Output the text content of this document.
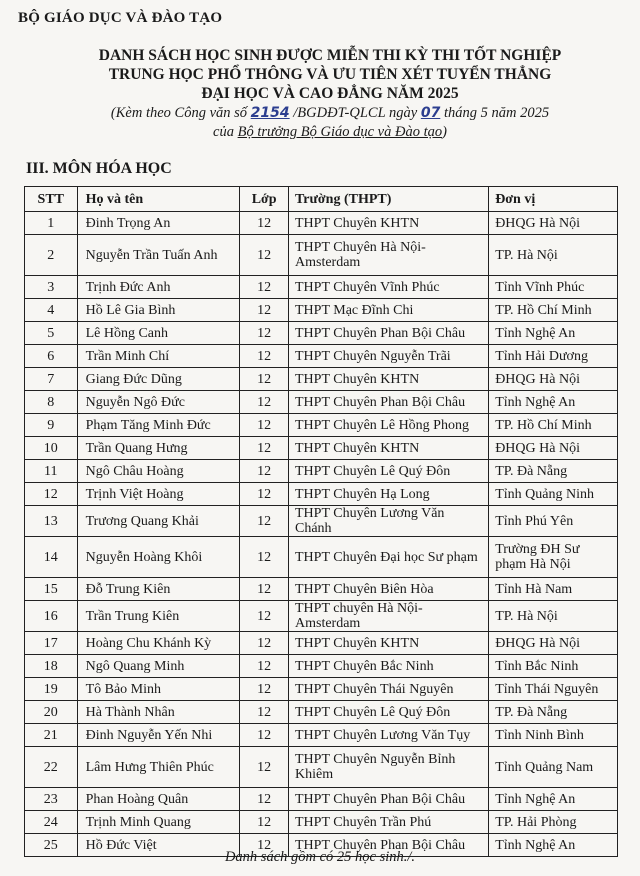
BỘ GIÁO DỤC VÀ ĐÀO TẠO
DANH SÁCH HỌC SINH ĐƯỢC MIỄN THI KỲ THI TỐT NGHIỆP
TRUNG HỌC PHỔ THÔNG VÀ ƯU TIÊN XÉT TUYỂN THẲNG
ĐẠI HỌC VÀ CAO ĐẲNG NĂM 2025
(Kèm theo Công văn số 2154 /BGDĐT-QLCL ngày 07 tháng 5 năm 2025
của Bộ trưởng Bộ Giáo dục và Đào tạo)
III. MÔN HÓA HỌC
STT	Họ và tên	Lớp	Trường (THPT)	Đơn vị
1	Đinh Trọng An	12	THPT Chuyên KHTN	ĐHQG Hà Nội
2	Nguyễn Trần Tuấn Anh	12	THPT Chuyên Hà Nội-Amsterdam	TP. Hà Nội
3	Trịnh Đức Anh	12	THPT Chuyên Vĩnh Phúc	Tỉnh Vĩnh Phúc
4	Hồ Lê Gia Bình	12	THPT Mạc Đĩnh Chi	TP. Hồ Chí Minh
5	Lê Hồng Canh	12	THPT Chuyên Phan Bội Châu	Tỉnh Nghệ An
6	Trần Minh Chí	12	THPT Chuyên Nguyễn Trãi	Tỉnh Hải Dương
7	Giang Đức Dũng	12	THPT Chuyên KHTN	ĐHQG Hà Nội
8	Nguyễn Ngô Đức	12	THPT Chuyên Phan Bội Châu	Tỉnh Nghệ An
9	Phạm Tăng Minh Đức	12	THPT Chuyên Lê Hồng Phong	TP. Hồ Chí Minh
10	Trần Quang Hưng	12	THPT Chuyên KHTN	ĐHQG Hà Nội
11	Ngô Châu Hoàng	12	THPT Chuyên Lê Quý Đôn	TP. Đà Nẵng
12	Trịnh Việt Hoàng	12	THPT Chuyên Hạ Long	Tỉnh Quảng Ninh
13	Trương Quang Khải	12	THPT Chuyên Lương Văn Chánh	Tỉnh Phú Yên
14	Nguyễn Hoàng Khôi	12	THPT Chuyên Đại học Sư phạm	Trường ĐH Sư phạm Hà Nội
15	Đỗ Trung Kiên	12	THPT Chuyên Biên Hòa	Tỉnh Hà Nam
16	Trần Trung Kiên	12	THPT chuyên Hà Nội-Amsterdam	TP. Hà Nội
17	Hoàng Chu Khánh Kỳ	12	THPT Chuyên KHTN	ĐHQG Hà Nội
18	Ngô Quang Minh	12	THPT Chuyên Bắc Ninh	Tỉnh Bắc Ninh
19	Tô Bảo Minh	12	THPT Chuyên Thái Nguyên	Tỉnh Thái Nguyên
20	Hà Thành Nhân	12	THPT Chuyên Lê Quý Đôn	TP. Đà Nẵng
21	Đinh Nguyễn Yến Nhi	12	THPT Chuyên Lương Văn Tụy	Tỉnh Ninh Bình
22	Lâm Hưng Thiên Phúc	12	THPT Chuyên Nguyễn Bỉnh Khiêm	Tỉnh Quảng Nam
23	Phan Hoàng Quân	12	THPT Chuyên Phan Bội Châu	Tỉnh Nghệ An
24	Trịnh Minh Quang	12	THPT Chuyên Trần Phú	TP. Hải Phòng
25	Hồ Đức Việt	12	THPT Chuyên Phan Bội Châu	Tỉnh Nghệ An
Danh sách gồm có 25 học sinh./.
